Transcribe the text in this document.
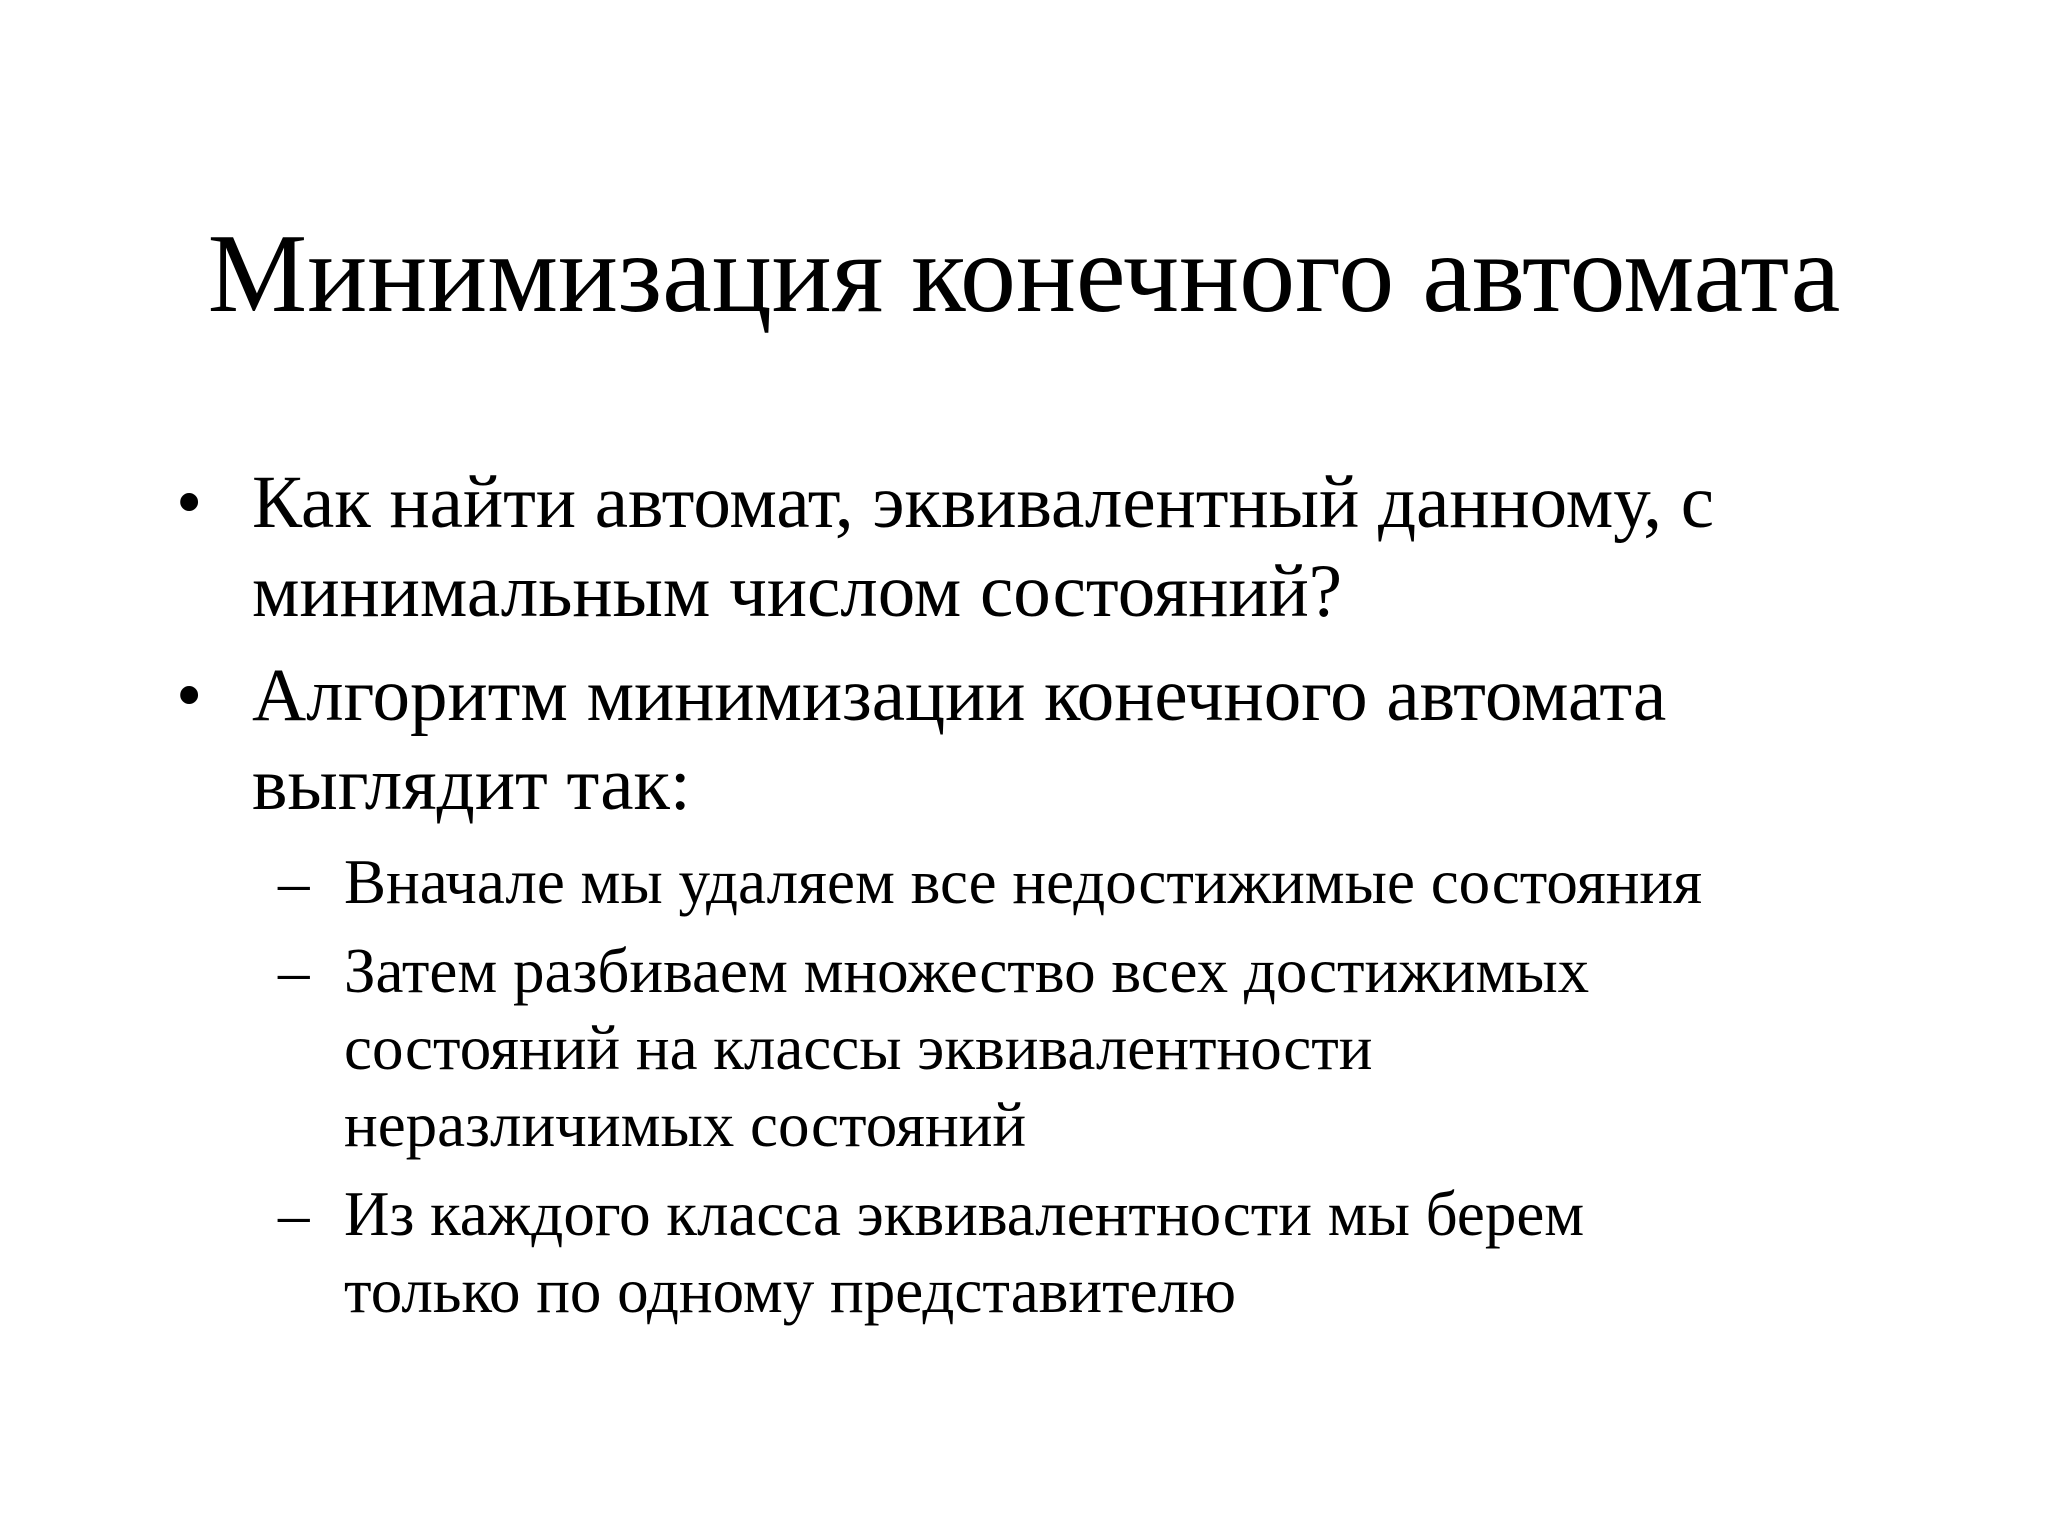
Минимизация конечного автомата
• Как найти автомат, эквивалентный данному, с
минимальным числом состояний?
• Алгоритм минимизации конечного автомата
выглядит так:
– Вначале мы удаляем все недостижимые состояния
– Затем разбиваем множество всех достижимых
состояний на классы эквивалентности
неразличимых состояний
– Из каждого класса эквивалентности мы берем
только по одному представителю
